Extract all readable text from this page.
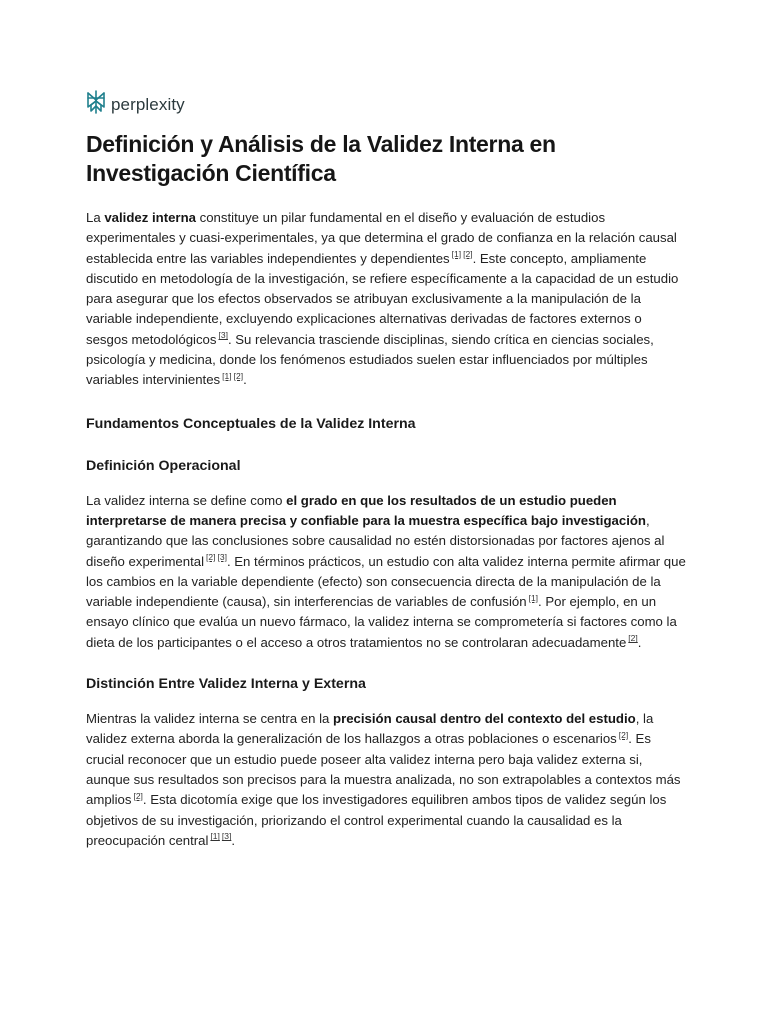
perplexity
Definición y Análisis de la Validez Interna en Investigación Científica

La validez interna constituye un pilar fundamental en el diseño y evaluación de estudios experimentales y cuasi-experimentales, ya que determina el grado de confianza en la relación causal establecida entre las variables independientes y dependientes [1] [2]. Este concepto, ampliamente discutido en metodología de la investigación, se refiere específicamente a la capacidad de un estudio para asegurar que los efectos observados se atribuyan exclusivamente a la manipulación de la variable independiente, excluyendo explicaciones alternativas derivadas de factores externos o sesgos metodológicos [3]. Su relevancia trasciende disciplinas, siendo crítica en ciencias sociales, psicología y medicina, donde los fenómenos estudiados suelen estar influenciados por múltiples variables intervinientes [1] [2].

Fundamentos Conceptuales de la Validez Interna
Definición Operacional

La validez interna se define como el grado en que los resultados de un estudio pueden interpretarse de manera precisa y confiable para la muestra específica bajo investigación, garantizando que las conclusiones sobre causalidad no estén distorsionadas por factores ajenos al diseño experimental [2] [3]. En términos prácticos, un estudio con alta validez interna permite afirmar que los cambios en la variable dependiente (efecto) son consecuencia directa de la manipulación de la variable independiente (causa), sin interferencias de variables de confusión [1]. Por ejemplo, en un ensayo clínico que evalúa un nuevo fármaco, la validez interna se comprometería si factores como la dieta de los participantes o el acceso a otros tratamientos no se controlaran adecuadamente [2].

Distinción Entre Validez Interna y Externa

Mientras la validez interna se centra en la precisión causal dentro del contexto del estudio, la validez externa aborda la generalización de los hallazgos a otras poblaciones o escenarios [2]. Es crucial reconocer que un estudio puede poseer alta validez interna pero baja validez externa si, aunque sus resultados son precisos para la muestra analizada, no son extrapolables a contextos más amplios [2]. Esta dicotomía exige que los investigadores equilibren ambos tipos de validez según los objetivos de su investigación, priorizando el control experimental cuando la causalidad es la preocupación central [1] [3].
